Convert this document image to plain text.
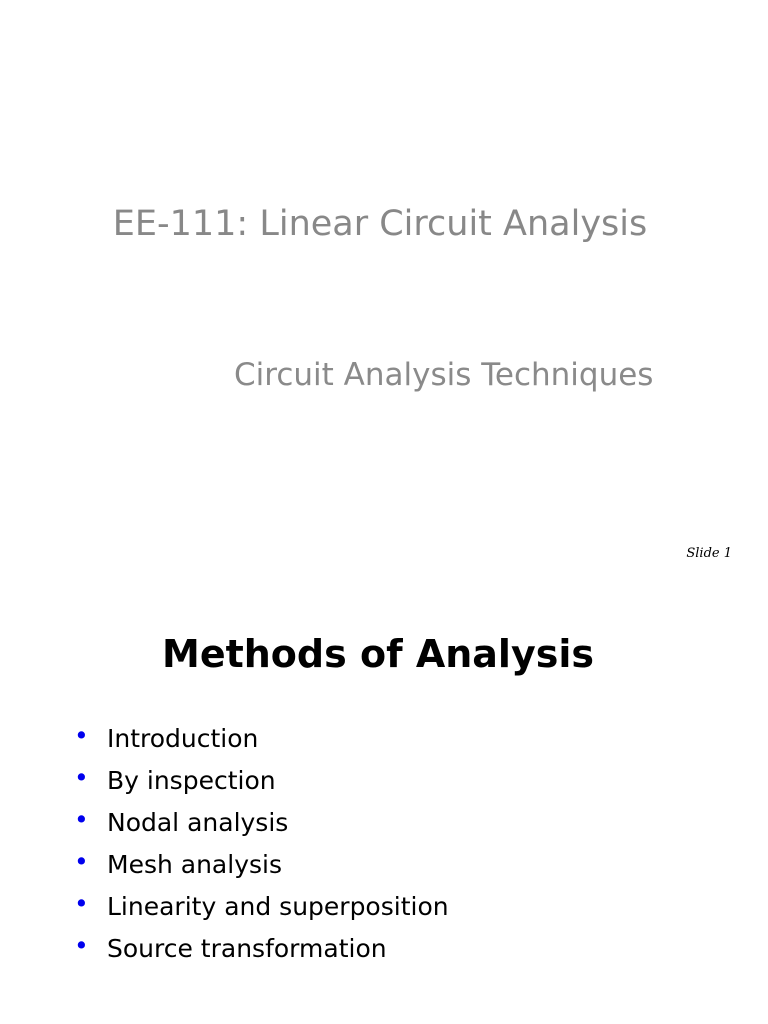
EE-111: Linear Circuit Analysis
Circuit Analysis Techniques
Slide 1
Methods of Analysis
• Introduction
• By inspection
• Nodal analysis
• Mesh analysis
• Linearity and superposition
• Source transformation
